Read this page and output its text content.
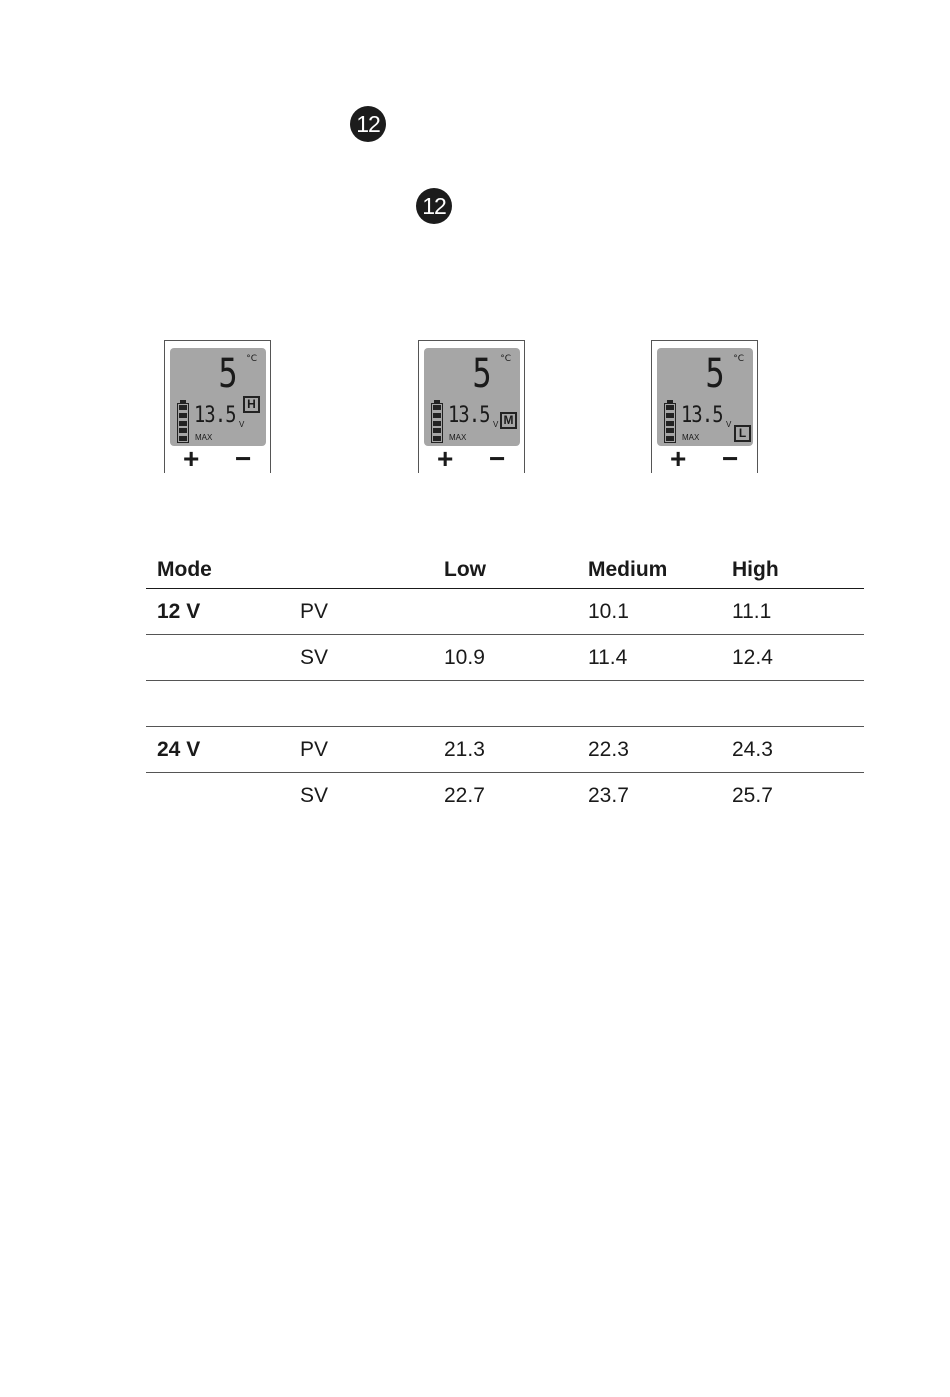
12
12
5 °C
13.5 V
MAX
H
+ −
5 °C
13.5 V
MAX
M
+ −
5 °C
13.5 V
MAX	L
+ −
Mode		Low	Medium	High
12 V	PV		10.1	11.1
	SV	10.9	11.4	12.4

24 V	PV	21.3	22.3	24.3
	SV	22.7	23.7	25.7
